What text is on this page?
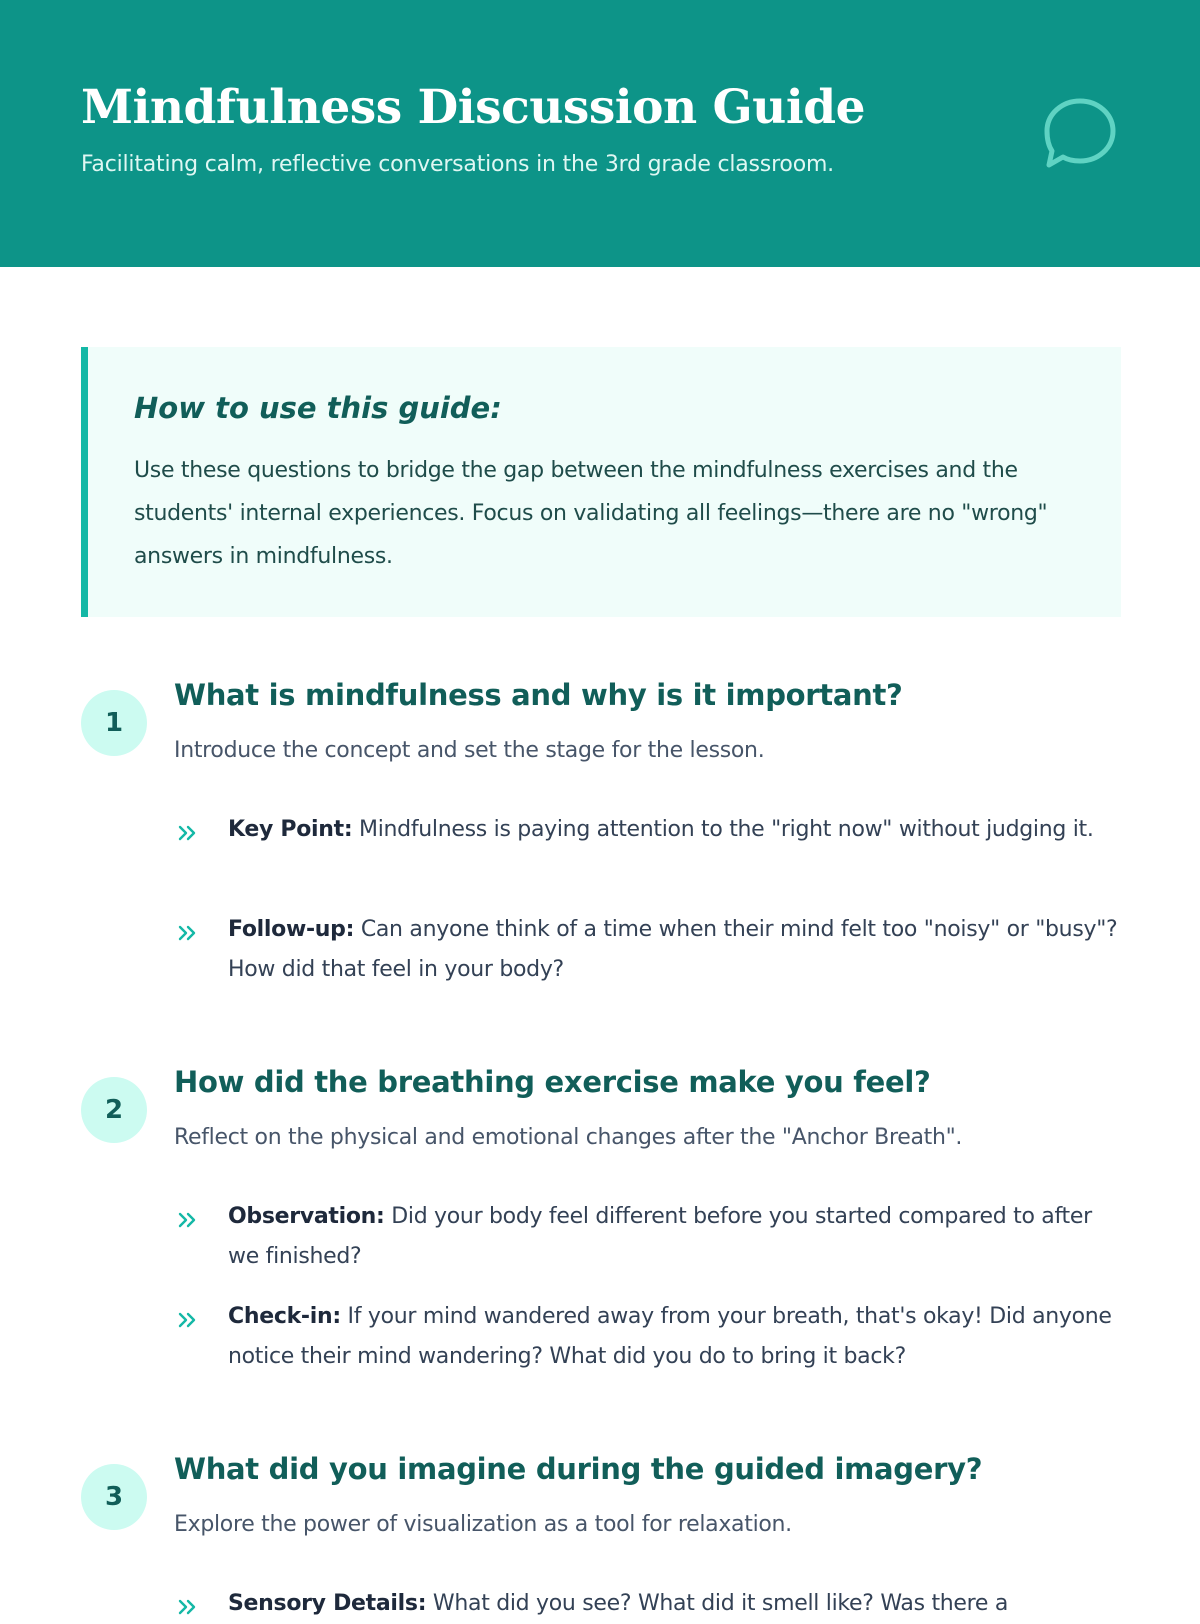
Mindfulness Discussion Guide

Facilitating calm, reflective conversations in the 3rd grade classroom.

How to use this guide:

Use these questions to bridge the gap between the mindfulness exercises and the students' internal experiences. Focus on validating all feelings—there are no "wrong" answers in mindfulness.

1
What is mindfulness and why is it important?

Introduce the concept and set the stage for the lesson.

Key Point: Mindfulness is paying attention to the "right now" without judging it.

Follow-up: Can anyone think of a time when their mind felt too "noisy" or "busy"? How did that feel in your body?

2
How did the breathing exercise make you feel?

Reflect on the physical and emotional changes after the "Anchor Breath".

Observation: Did your body feel different before you started compared to after we finished?

Check-in: If your mind wandered away from your breath, that's okay! Did anyone notice their mind wandering? What did you do to bring it back?

3
What did you imagine during the guided imagery?

Explore the power of visualization as a tool for relaxation.

Sensory Details: What did you see? What did it smell like? Was there a
